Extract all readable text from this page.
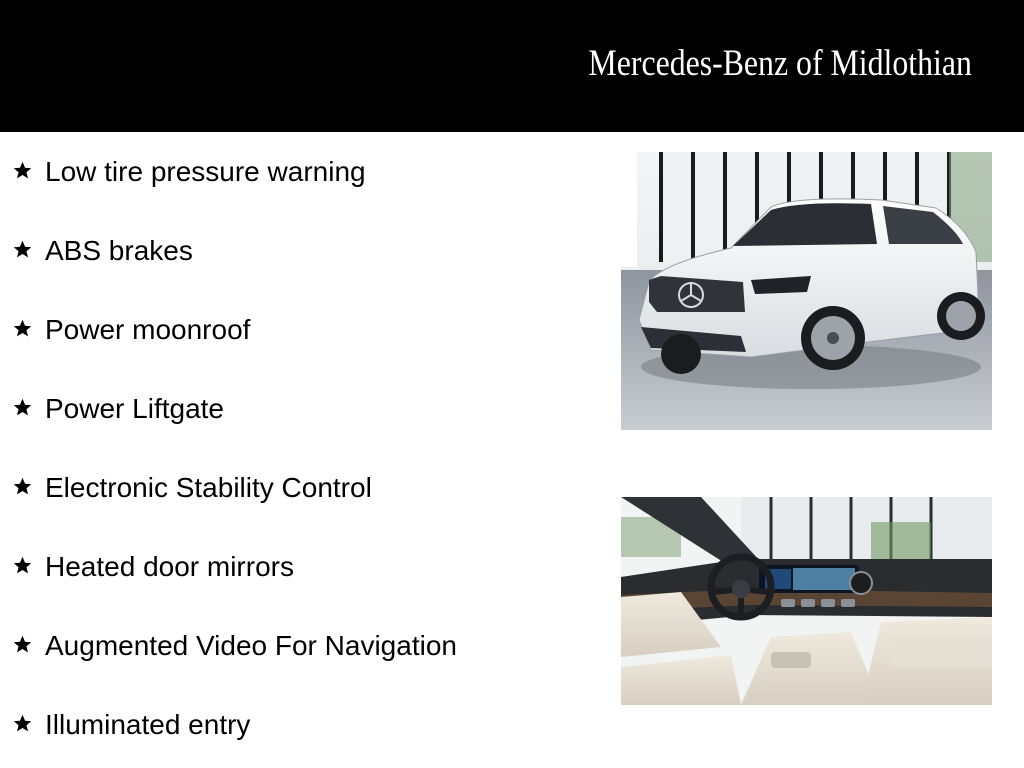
Mercedes-Benz of Midlothian
Low tire pressure warning
ABS brakes
Power moonroof
Power Liftgate
Electronic Stability Control
Heated door mirrors
Augmented Video For Navigation
Illuminated entry
